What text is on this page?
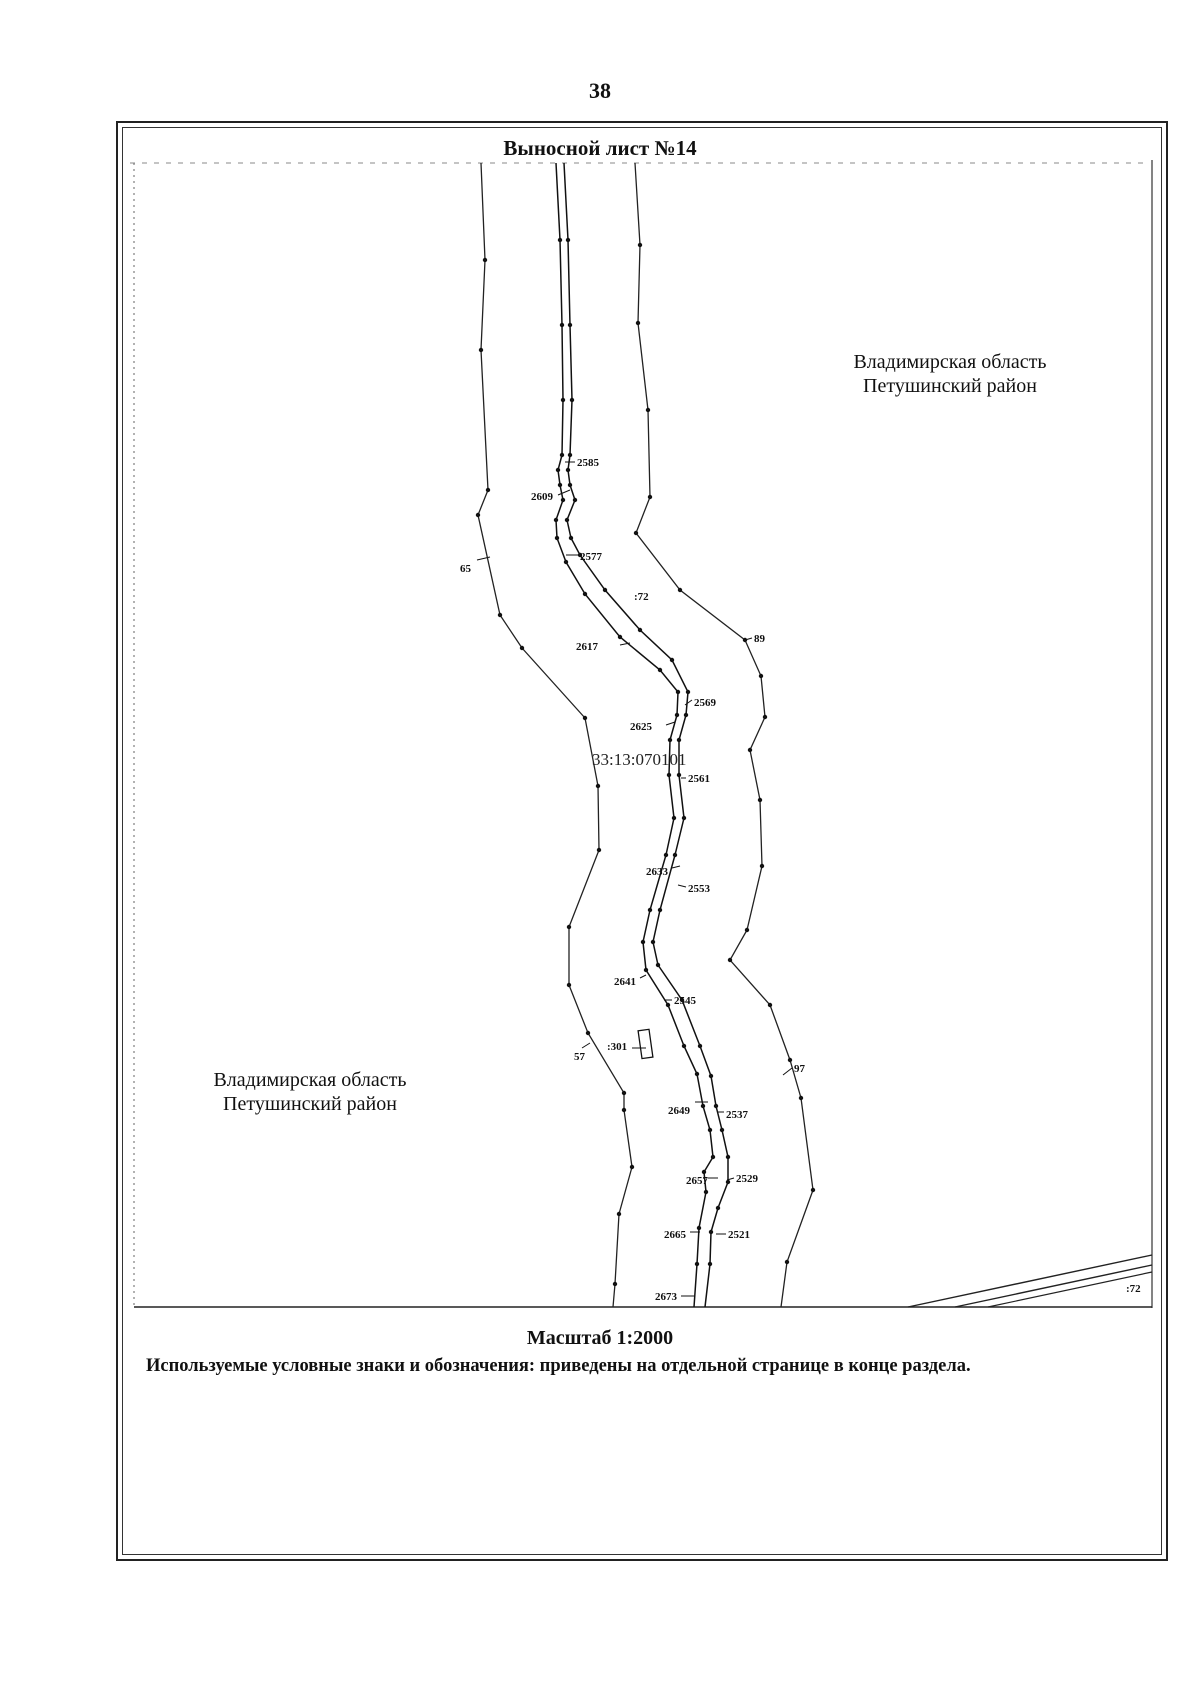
38
Выносной лист №14
2585
2609
2577
65
2617
89
2569
2625
2561
2633
2553
2641
2545
57
97
2649	2537
2657	2529
2665	2521
2673
:72
:72
:301
33:13:070101
Владимирская область
Петушинский район
Владимирская область
Петушинский район
Масштаб 1:2000
Используемые условные знаки и обозначения: приведены на отдельной странице в конце раздела.
